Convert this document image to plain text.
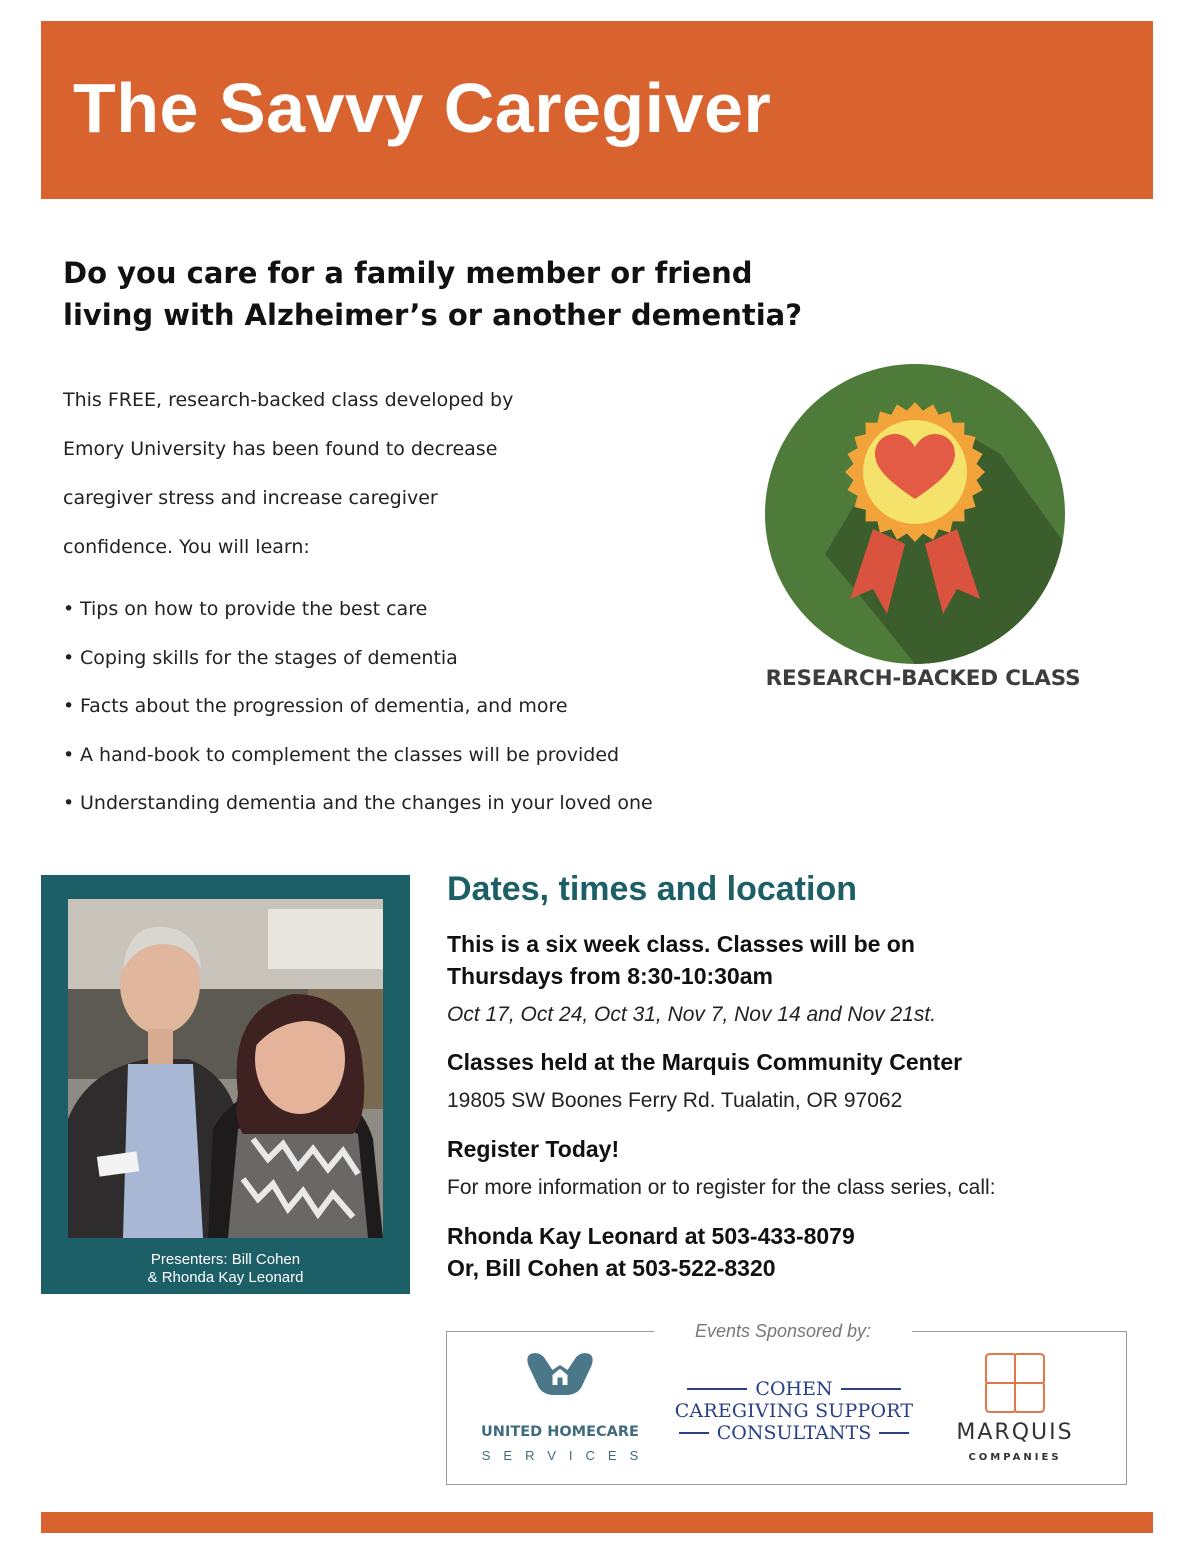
The Savvy Caregiver
Do you care for a family member or friend
living with Alzheimer’s or another dementia?

This FREE, research-backed class developed by
Emory University has been found to decrease
caregiver stress and increase caregiver
confidence. You will learn:

• Tips on how to provide the best care
• Coping skills for the stages of dementia
• Facts about the progression of dementia, and more
• A hand-book to complement the classes will be provided
• Understanding dementia and the changes in your loved one
RESEARCH-BACKED CLASS
Presenters: Bill Cohen
& Rhonda Kay Leonard
Dates, times and location

This is a six week class. Classes will be on
Thursdays from 8:30-10:30am

Oct 17, Oct 24, Oct 31, Nov 7, Nov 14 and Nov 21st.

Classes held at the Marquis Community Center

19805 SW Boones Ferry Rd. Tualatin, OR 97062

Register Today!

For more information or to register for the class series, call:

Rhonda Kay Leonard at 503-433-8079
Or, Bill Cohen at 503-522-8320

Events Sponsored by:
UNITED HOMECARE
SERVICES
COHEN
CAREGIVING SUPPORT
CONSULTANTS	MARQUIS
COMPANIES
